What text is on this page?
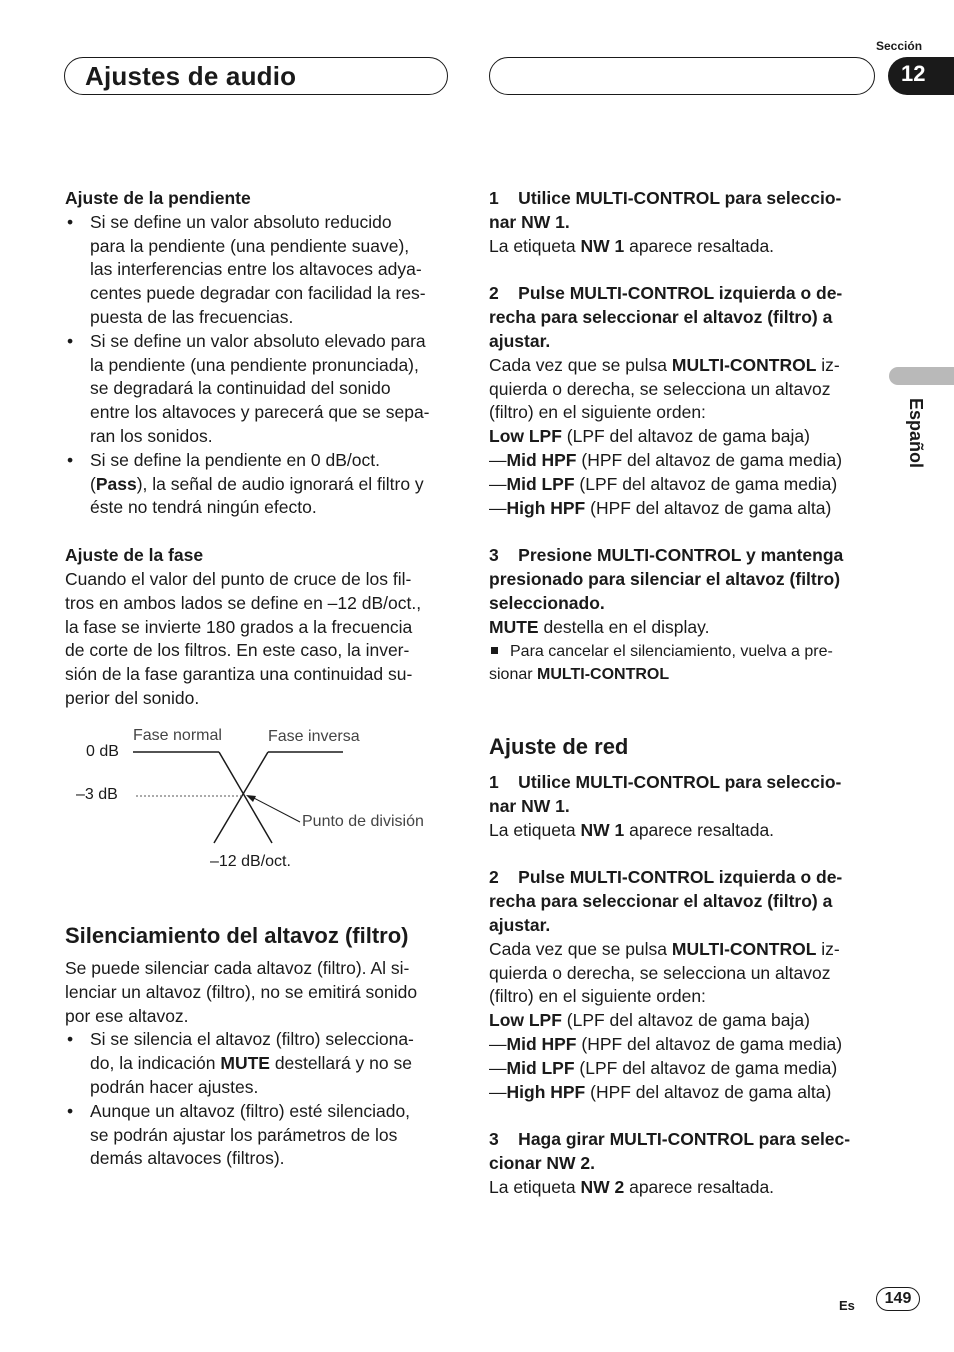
Ajustes de audio
Sección
12
Español

Ajuste de la pendiente

• Si se define un valor absoluto reducido
para la pendiente (una pendiente suave),
las interferencias entre los altavoces adya-
centes puede degradar con facilidad la res-
puesta de las frecuencias.
• Si se define un valor absoluto elevado para
la pendiente (una pendiente pronunciada),
se degradará la continuidad del sonido
entre los altavoces y parecerá que se sepa-
ran los sonidos.
• Si se define la pendiente en 0 dB/oct.
(Pass), la señal de audio ignorará el filtro y
éste no tendrá ningún efecto.

Ajuste de la fase

Cuando el valor del punto de cruce de los fil-
tros en ambos lados se define en –12 dB/oct.,
la fase se invierte 180 grados a la frecuencia
de corte de los filtros. En este caso, la inver-
sión de la fase garantiza una continuidad su-
perior del sonido.

Fase normal	Fase inversa
0 dB
–3 dB
Punto de división
–12 dB/oct.

Silenciamiento del altavoz (filtro)

Se puede silenciar cada altavoz (filtro). Al si-
lenciar un altavoz (filtro), no se emitirá sonido
por ese altavoz.

• Si se silencia el altavoz (filtro) selecciona-
do, la indicación MUTE destellará y no se
podrán hacer ajustes.
• Aunque un altavoz (filtro) esté silenciado,
se podrán ajustar los parámetros de los
demás altavoces (filtros).

1    Utilice MULTI-CONTROL para seleccio-
nar NW 1.

La etiqueta NW 1 aparece resaltada.

2    Pulse MULTI-CONTROL izquierda o de-
recha para seleccionar el altavoz (filtro) a
ajustar.

Cada vez que se pulsa MULTI-CONTROL iz-
quierda o derecha, se selecciona un altavoz
(filtro) en el siguiente orden:

Low LPF (LPF del altavoz de gama baja)
—Mid HPF (HPF del altavoz de gama media)
—Mid LPF (LPF del altavoz de gama media)
—High HPF (HPF del altavoz de gama alta)

3    Presione MULTI-CONTROL y mantenga
presionado para silenciar el altavoz (filtro)
seleccionado.

MUTE destella en el display.

Para cancelar el silenciamiento, vuelva a pre-
sionar MULTI-CONTROL

Ajuste de red

1    Utilice MULTI-CONTROL para seleccio-
nar NW 1.

La etiqueta NW 1 aparece resaltada.

2    Pulse MULTI-CONTROL izquierda o de-
recha para seleccionar el altavoz (filtro) a
ajustar.

Cada vez que se pulsa MULTI-CONTROL iz-
quierda o derecha, se selecciona un altavoz
(filtro) en el siguiente orden:

Low LPF (LPF del altavoz de gama baja)
—Mid HPF (HPF del altavoz de gama media)
—Mid LPF (LPF del altavoz de gama media)
—High HPF (HPF del altavoz de gama alta)

3    Haga girar MULTI-CONTROL para selec-
cionar NW 2.

La etiqueta NW 2 aparece resaltada.

Es	149
